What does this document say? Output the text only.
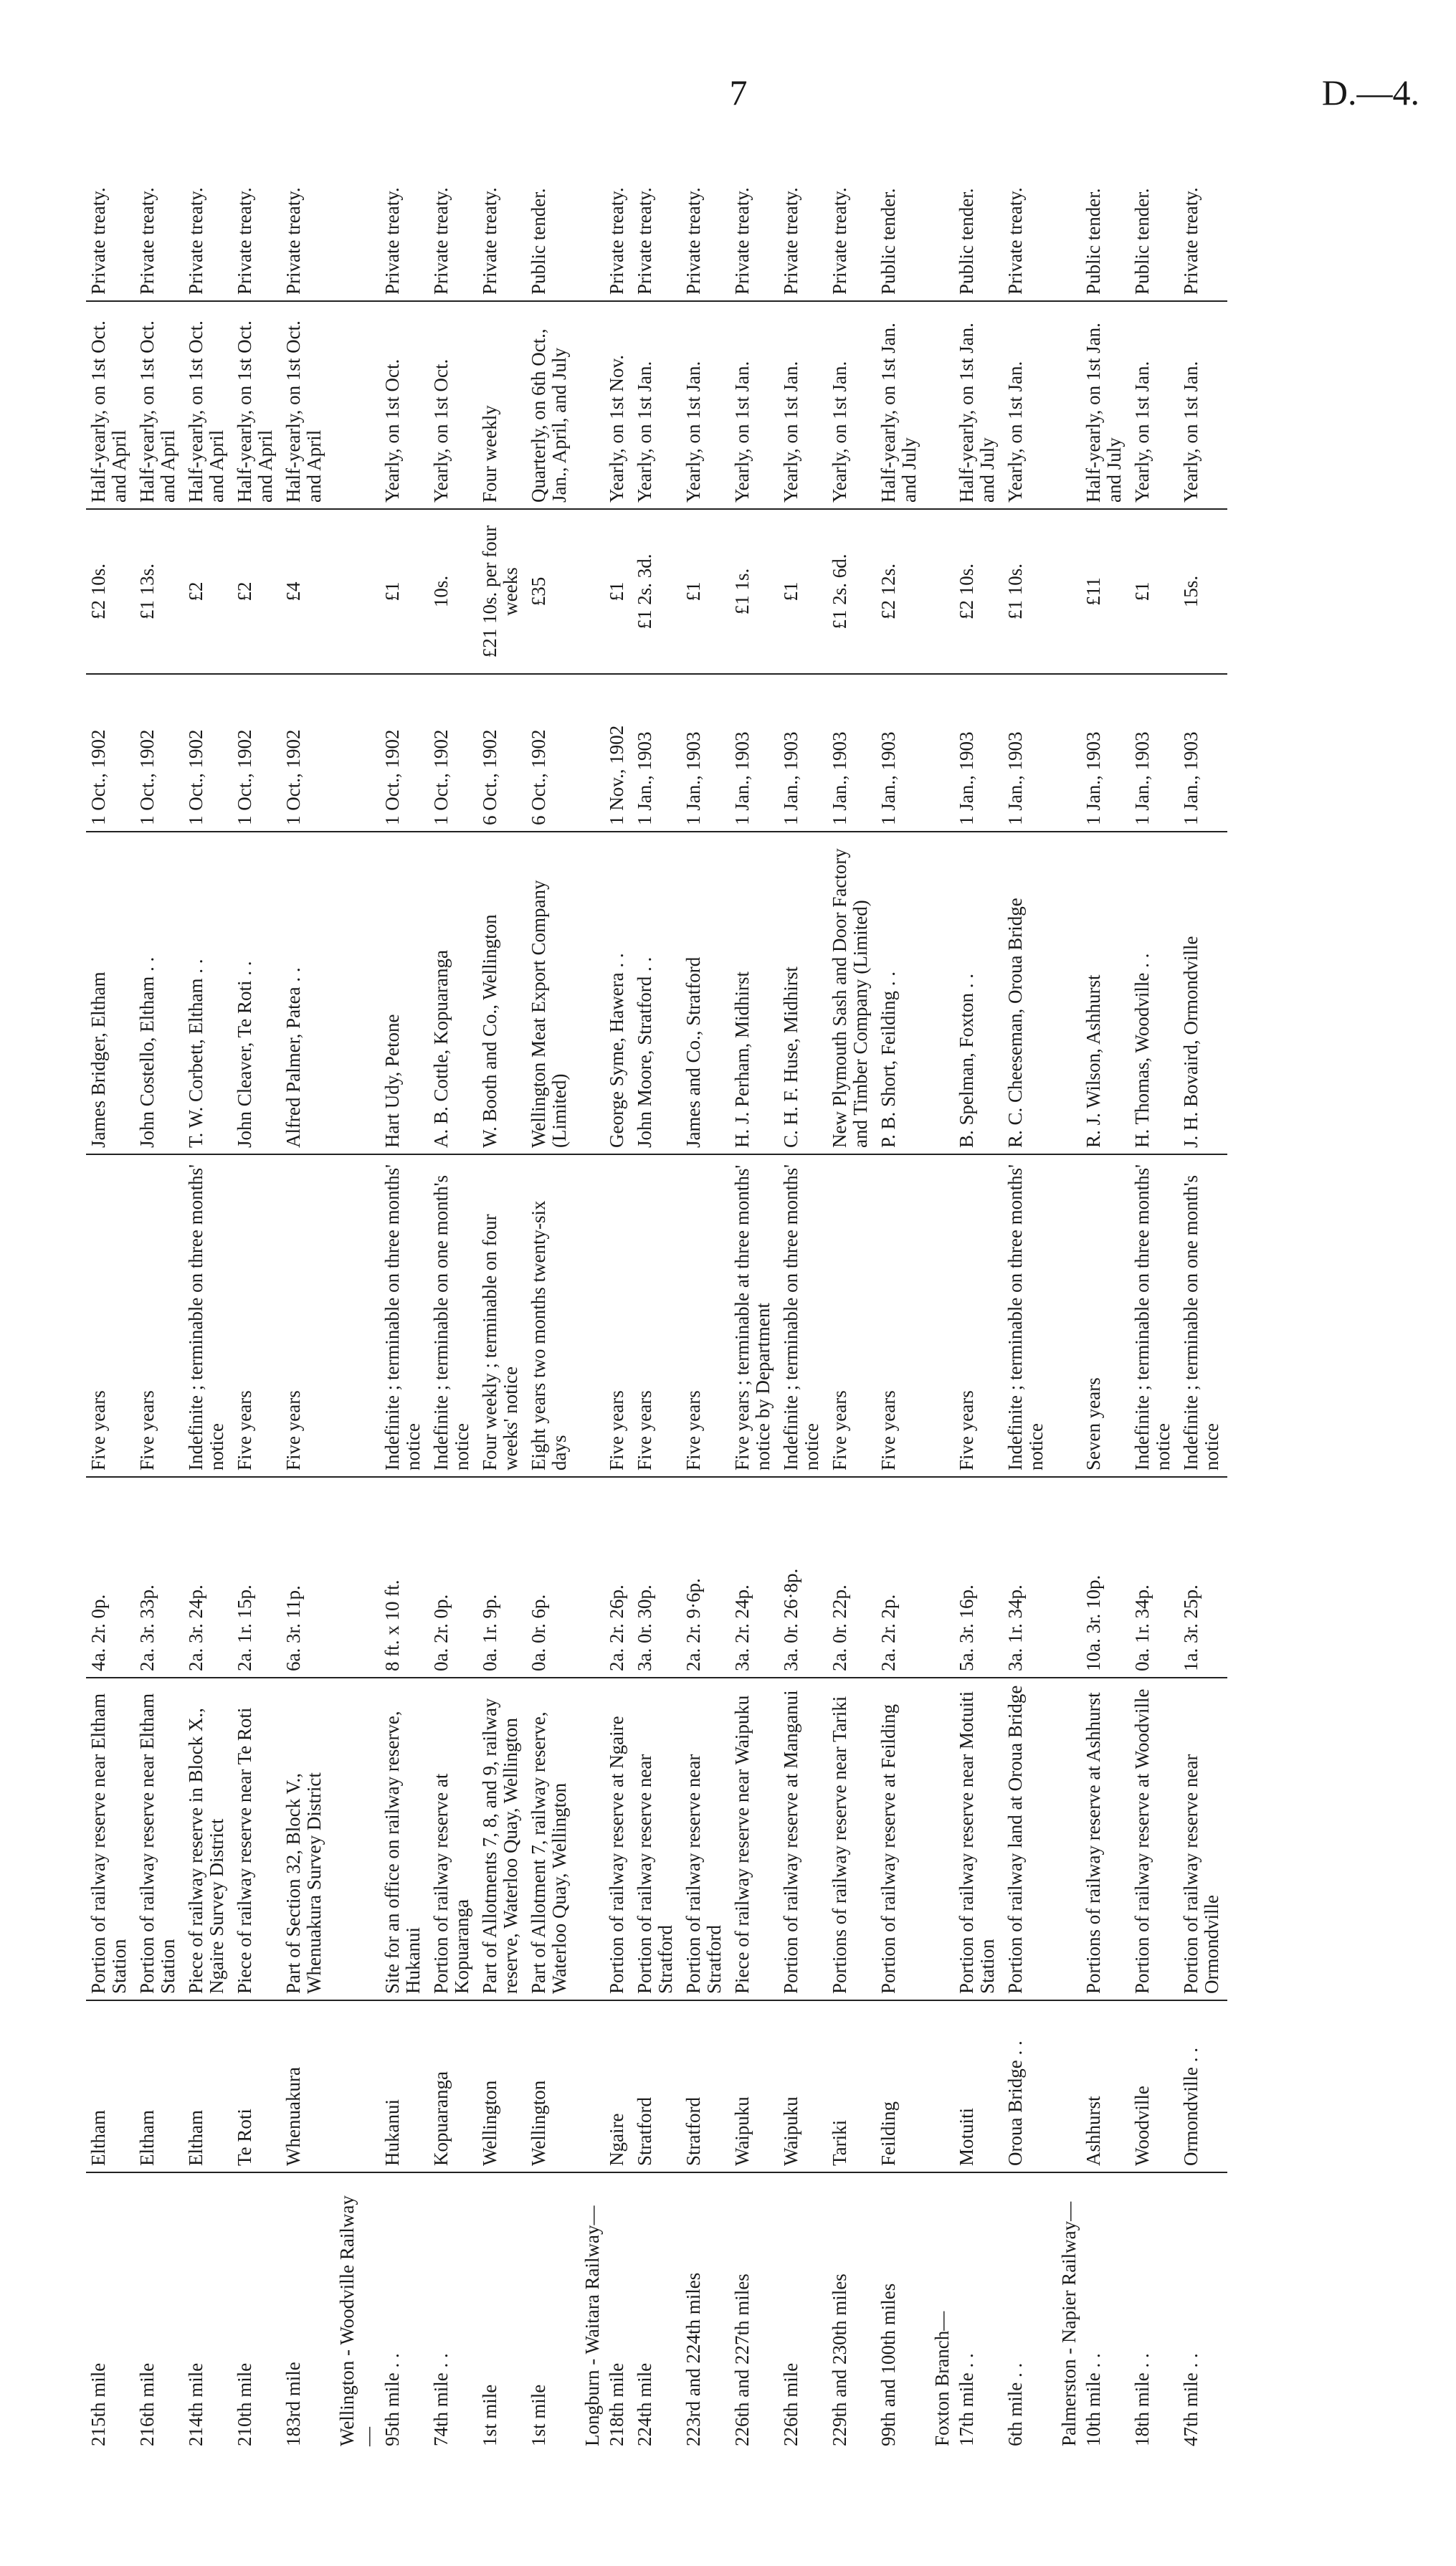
7	D.—4.
215th mile	Eltham	Portion of railway reserve near Eltham Station	4a. 2r. 0p.	Five years	James Bridger, Eltham	1 Oct., 1902	£2 10s.	Half-yearly, on 1st Oct. and April	Private treaty.
216th mile	Eltham	Portion of railway reserve near Eltham Station	2a. 3r. 33p.	Five years	John Costello, Eltham . .	1 Oct., 1902	£1 13s.	Half-yearly, on 1st Oct. and April	Private treaty.
214th mile	Eltham	Piece of railway reserve in Block X., Ngaire Survey District	2a. 3r. 24p.	Indefinite ; terminable on three months' notice	T. W. Corbett, Eltham . .	1 Oct., 1902	£2	Half-yearly, on 1st Oct. and April	Private treaty.
210th mile	Te Roti	Piece of railway reserve near Te Roti	2a. 1r. 15p.	Five years	John Cleaver, Te Roti . .	1 Oct., 1902	£2	Half-yearly, on 1st Oct. and April	Private treaty.
183rd mile	Whenuakura	Part of Section 32, Block V., Whenuakura Survey District	6a. 3r. 11p.	Five years	Alfred Palmer, Patea . .	1 Oct., 1902	£4	Half-yearly, on 1st Oct. and April	Private treaty.
Wellington - Woodville Railway—									
95th mile . .	Hukanui	Site for an office on railway reserve, Hukanui	8 ft. x 10 ft.	Indefinite ; terminable on three months' notice	Hart Udy, Petone	1 Oct., 1902	£1	Yearly, on 1st Oct.	Private treaty.
74th mile . .	Kopuaranga	Portion of railway reserve at Kopuaranga	0a. 2r. 0p.	Indefinite ; terminable on one month's notice	A. B. Cottle, Kopuaranga	1 Oct., 1902	10s.	Yearly, on 1st Oct.	Private treaty.
1st mile	Wellington	Part of Allotments 7, 8, and 9, railway reserve, Waterloo Quay, Wellington	0a. 1r. 9p.	Four weekly ; terminable on four weeks' notice	W. Booth and Co., Wellington	6 Oct., 1902	£21 10s. per four weeks	Four weekly	Private treaty.
1st mile	Wellington	Part of Allotment 7, railway reserve, Waterloo Quay, Wellington	0a. 0r. 6p.	Eight years two months twenty-six days	Wellington Meat Export Company (Limited)	6 Oct., 1902	£35	Quarterly, on 6th Oct., Jan., April, and July	Public tender.
Longburn - Waitara Railway—									
218th mile	Ngaire	Portion of railway reserve at Ngaire	2a. 2r. 26p.	Five years	George Syme, Hawera . .	1 Nov., 1902	£1	Yearly, on 1st Nov.	Private treaty.
224th mile	Stratford	Portion of railway reserve near Stratford	3a. 0r. 30p.	Five years	John Moore, Stratford . .	1 Jan., 1903	£1 2s. 3d.	Yearly, on 1st Jan.	Private treaty.
223rd and 224th miles	Stratford	Portion of railway reserve near Stratford	2a. 2r. 9·6p.	Five years	James and Co., Stratford	1 Jan., 1903	£1	Yearly, on 1st Jan.	Private treaty.
226th and 227th miles	Waipuku	Piece of railway reserve near Waipuku	3a. 2r. 24p.	Five years ; terminable at three months' notice by Department	H. J. Perham, Midhirst	1 Jan., 1903	£1 1s.	Yearly, on 1st Jan.	Private treaty.
226th mile	Waipuku	Portion of railway reserve at Manganui	3a. 0r. 26·8p.	Indefinite ; terminable on three months' notice	C. H. F. Huse, Midhirst	1 Jan., 1903	£1	Yearly, on 1st Jan.	Private treaty.
229th and 230th miles	Tariki	Portions of railway reserve near Tariki	2a. 0r. 22p.	Five years	New Plymouth Sash and Door Factory and Timber Company (Limited)	1 Jan., 1903	£1 2s. 6d.	Yearly, on 1st Jan.	Private treaty.
99th and 100th miles	Feilding	Portion of railway reserve at Feilding	2a. 2r. 2p.	Five years	P. B. Short, Feilding . .	1 Jan., 1903	£2 12s.	Half-yearly, on 1st Jan. and July	Public tender.
Foxton Branch—									
17th mile . .	Motuiti	Portion of railway reserve near Motuiti Station	5a. 3r. 16p.	Five years	B. Spelman, Foxton . .	1 Jan., 1903	£2 10s.	Half-yearly, on 1st Jan. and July	Public tender.
6th mile . .	Oroua Bridge . .	Portion of railway land at Oroua Bridge	3a. 1r. 34p.	Indefinite ; terminable on three months' notice	R. C. Cheeseman, Oroua Bridge	1 Jan., 1903	£1 10s.	Yearly, on 1st Jan.	Private treaty.
Palmerston - Napier Railway—									
10th mile . .	Ashhurst	Portions of railway reserve at Ashhurst	10a. 3r. 10p.	Seven years	R. J. Wilson, Ashhurst	1 Jan., 1903	£11	Half-yearly, on 1st Jan. and July	Public tender.
18th mile . .	Woodville	Portion of railway reserve at Woodville	0a. 1r. 34p.	Indefinite ; terminable on three months' notice	H. Thomas, Woodville . .	1 Jan., 1903	£1	Yearly, on 1st Jan.	Public tender.
47th mile . .	Ormondville . .	Portion of railway reserve near Ormondville	1a. 3r. 25p.	Indefinite ; terminable on one month's notice	J. H. Bovaird, Ormondville	1 Jan., 1903	15s.	Yearly, on 1st Jan.	Private treaty.
